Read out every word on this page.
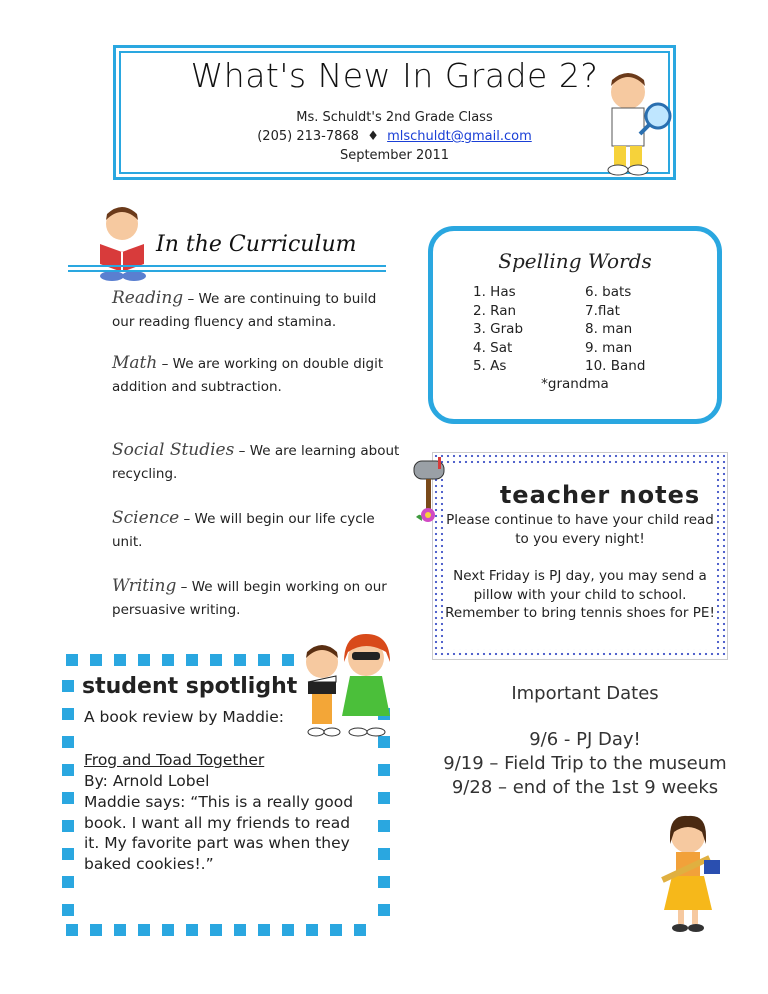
What's New In Grade 2?
Ms. Schuldt's 2nd Grade Class
(205) 213-7868 ♦ mlschuldt@gmail.com
September 2011
In the Curriculum
Reading – We are continuing to build our reading fluency and stamina.
Math – We are working on double digit addition and subtraction.
Social Studies – We are learning about recycling.
Science – We will begin our life cycle unit.
Writing – We will begin working on our persuasive writing.
Spelling Words
1. Has
2. Ran
3. Grab
4. Sat
5. As
6. bats
7.flat
8. man
9. man
10. Band
*grandma
teacher notes
Please continue to have your child read to you every night!
Next Friday is PJ day, you may send a pillow with your child to school. Remember to bring tennis shoes for PE!
Important Dates
9/6 - PJ Day!
9/19 – Field Trip to the museum
9/28 – end of the 1st 9 weeks
student spotlight
A book review by Maddie:
Frog and Toad Together
By: Arnold Lobel
Maddie says: “This is a really good book. I want all my friends to read it. My favorite part was when they baked cookies!.”
